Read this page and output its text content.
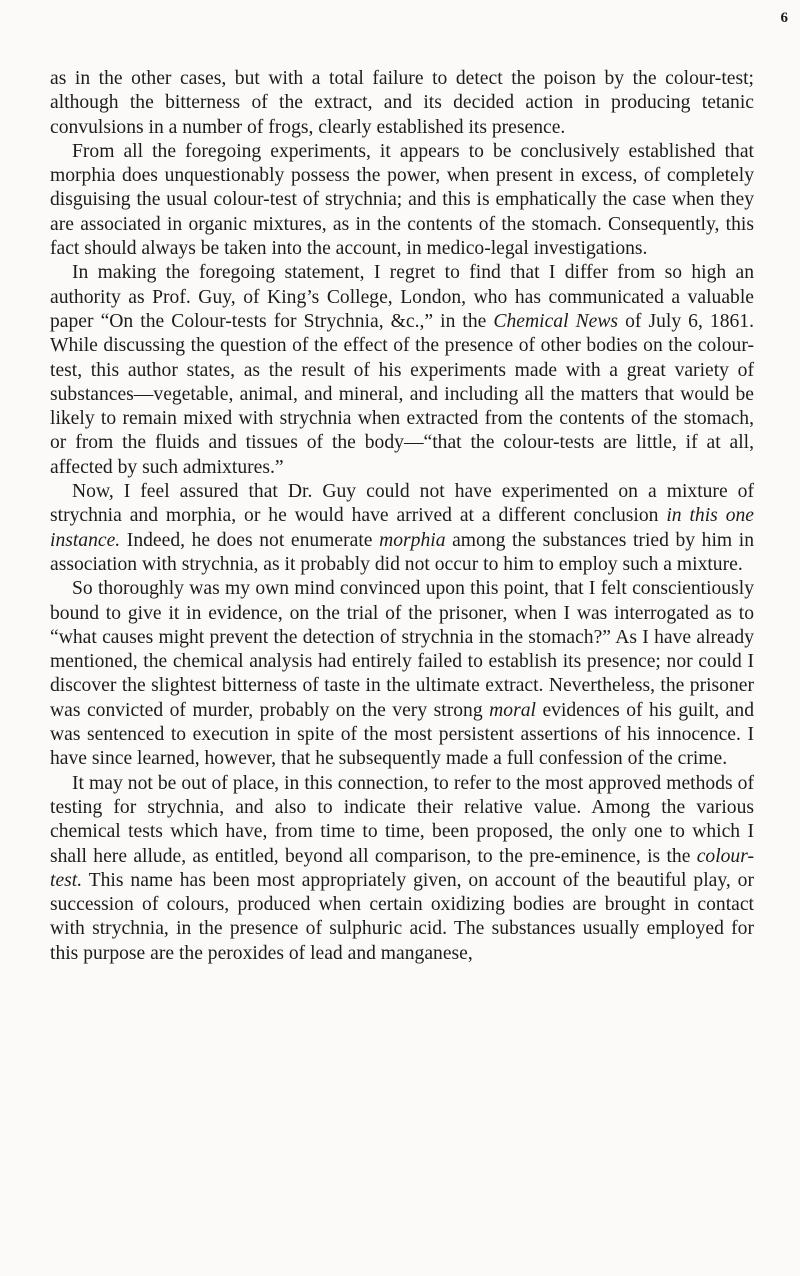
6

as in the other cases, but with a total failure to detect the poison by the colour-test; although the bitterness of the extract, and its decided action in producing tetanic convulsions in a number of frogs, clearly established its presence.

From all the foregoing experiments, it appears to be conclusively established that morphia does unquestionably possess the power, when present in excess, of completely disguising the usual colour-test of strychnia; and this is emphatically the case when they are associated in organic mixtures, as in the contents of the stomach. Consequently, this fact should always be taken into the account, in medico-legal investigations.

In making the foregoing statement, I regret to find that I differ from so high an authority as Prof. Guy, of King’s College, London, who has communicated a valuable paper “On the Colour-tests for Strychnia, &c.,” in the Chemical News of July 6, 1861. While discussing the question of the effect of the presence of other bodies on the colour-test, this author states, as the result of his experiments made with a great variety of substances—vegetable, animal, and mineral, and including all the matters that would be likely to remain mixed with strychnia when extracted from the contents of the stomach, or from the fluids and tissues of the body—“that the colour-tests are little, if at all, affected by such admixtures.”

Now, I feel assured that Dr. Guy could not have experimented on a mixture of strychnia and morphia, or he would have arrived at a different conclusion in this one instance. Indeed, he does not enumerate morphia among the substances tried by him in association with strychnia, as it probably did not occur to him to employ such a mixture.

So thoroughly was my own mind convinced upon this point, that I felt conscientiously bound to give it in evidence, on the trial of the prisoner, when I was interrogated as to “what causes might prevent the detection of strychnia in the stomach?” As I have already mentioned, the chemical analysis had entirely failed to establish its presence; nor could I discover the slightest bitterness of taste in the ultimate extract. Nevertheless, the prisoner was convicted of murder, probably on the very strong moral evidences of his guilt, and was sentenced to execution in spite of the most persistent assertions of his innocence. I have since learned, however, that he subsequently made a full confession of the crime.

It may not be out of place, in this connection, to refer to the most approved methods of testing for strychnia, and also to indicate their relative value. Among the various chemical tests which have, from time to time, been proposed, the only one to which I shall here allude, as entitled, beyond all comparison, to the pre-eminence, is the colour-test. This name has been most appropriately given, on account of the beautiful play, or succession of colours, produced when certain oxidizing bodies are brought in contact with strychnia, in the presence of sulphuric acid. The substances usually employed for this purpose are the peroxides of lead and manganese,
